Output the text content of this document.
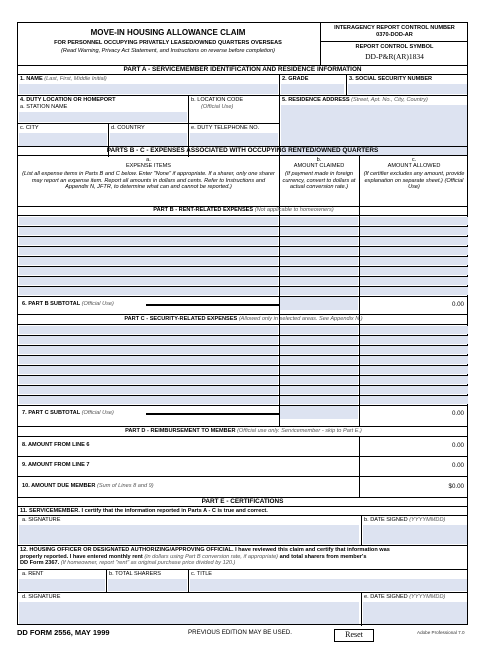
MOVE-IN HOUSING ALLOWANCE CLAIM
FOR PERSONNEL OCCUPYING PRIVATELY LEASED/OWNED QUARTERS OVERSEAS
(Read Warning, Privacy Act Statement, and Instructions on reverse before completion)
INTERAGENCY REPORT CONTROL NUMBER
0370-DOD-AR
REPORT CONTROL SYMBOL
DD-P&R(AR)1834
PART A - SERVICEMEMBER IDENTIFICATION AND RESIDENCE INFORMATION
1. NAME (Last, First, Middle Initial)	2. GRADE	3. SOCIAL SECURITY NUMBER
4. DUTY LOCATION OR HOMEPORT
a. STATION NAME
b. LOCATION CODE
(Official Use)
5. RESIDENCE ADDRESS (Street, Apt. No., City, Country)
c. CITY	d. COUNTRY	e. DUTY TELEPHONE NO.
PARTS B - C - EXPENSES ASSOCIATED WITH OCCUPYING RENTED/OWNED QUARTERS
a.
EXPENSE ITEMS
(List all expense items in Parts B and C below. Enter "None" if appropriate. If a sharer, only one sharer may report an expense item. Report all amounts in dollars and cents. Refer to Instructions and Appendix N, JFTR, to determine what can and cannot be reported.)
b.
AMOUNT CLAIMED
(If payment made in foreign currency, convert to dollars at actual conversion rate.)
c.
AMOUNT ALLOWED
(If certifier excludes any amount, provide explanation on separate sheet.) (Official Use)
PART B - RENT-RELATED EXPENSES (Not applicable to homeowners)
6. PART B SUBTOTAL (Official Use)	0.00
PART C - SECURITY-RELATED EXPENSES (Allowed only in selected areas. See Appendix N.)
7. PART C SUBTOTAL (Official Use)	0.00
PART D - REIMBURSEMENT TO MEMBER (Official use only. Servicemember - skip to Part E.)
8. AMOUNT FROM LINE 6	0.00
9. AMOUNT FROM LINE 7	0.00
10. AMOUNT DUE MEMBER (Sum of Lines 8 and 9)	$0.00
PART E - CERTIFICATIONS
11. SERVICEMEMBER. I certify that the information reported in Parts A - C is true and correct.
a. SIGNATURE	b. DATE SIGNED (YYYYMMDD)
12. HOUSING OFFICER OR DESIGNATED AUTHORIZING/APPROVING OFFICIAL. I have reviewed this claim and certify that information was
properly reported. I have entered monthly rent (in dollars using Part B conversion rate, if appropriate) and total sharers from member's
DD Form 2367. (If homeowner, report "rent" as original purchase price divided by 120.)
a. RENT	b. TOTAL SHARERS	c. TITLE
d. SIGNATURE	e. DATE SIGNED (YYYYMMDD)
DD FORM 2556, MAY 1999	PREVIOUS EDITION MAY BE USED.	Reset	Adobe Professional 7.0
